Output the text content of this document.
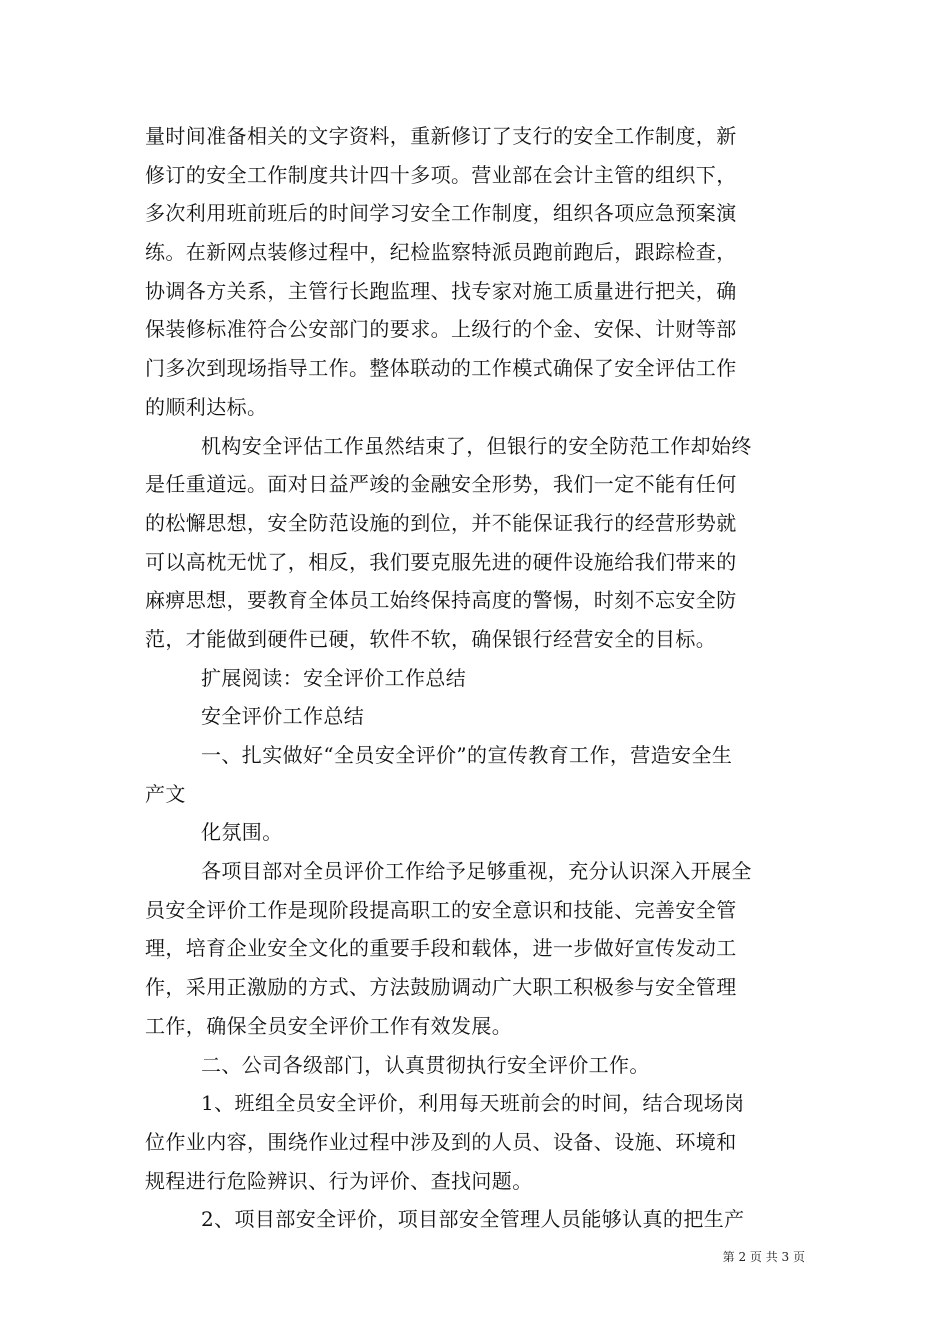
量时间准备相关的文字资料，重新修订了支行的安全工作制度，新
修订的安全工作制度共计四十多项。营业部在会计主管的组织下，
多次利用班前班后的时间学习安全工作制度，组织各项应急预案演
练。在新网点装修过程中，纪检监察特派员跑前跑后，跟踪检查，
协调各方关系，主管行长跑监理、找专家对施工质量进行把关，确
保装修标准符合公安部门的要求。上级行的个金、安保、计财等部
门多次到现场指导工作。整体联动的工作模式确保了安全评估工作
的顺利达标。
机构安全评估工作虽然结束了，但银行的安全防范工作却始终
是任重道远。面对日益严竣的金融安全形势，我们一定不能有任何
的松懈思想，安全防范设施的到位，并不能保证我行的经营形势就
可以高枕无忧了，相反，我们要克服先进的硬件设施给我们带来的
麻痹思想，要教育全体员工始终保持高度的警惕，时刻不忘安全防
范，才能做到硬件已硬，软件不软，确保银行经营安全的目标。
扩展阅读：安全评价工作总结
安全评价工作总结
一、扎实做好“全员安全评价”的宣传教育工作，营造安全生
产文
化氛围。
各项目部对全员评价工作给予足够重视，充分认识深入开展全
员安全评价工作是现阶段提高职工的安全意识和技能、完善安全管
理，培育企业安全文化的重要手段和载体，进一步做好宣传发动工
作，采用正激励的方式、方法鼓励调动广大职工积极参与安全管理
工作，确保全员安全评价工作有效发展。
二、公司各级部门，认真贯彻执行安全评价工作。
1、班组全员安全评价，利用每天班前会的时间，结合现场岗
位作业内容，围绕作业过程中涉及到的人员、设备、设施、环境和
规程进行危险辨识、行为评价、查找问题。
2、项目部安全评价，项目部安全管理人员能够认真的把生产
第 2 页 共 3 页
